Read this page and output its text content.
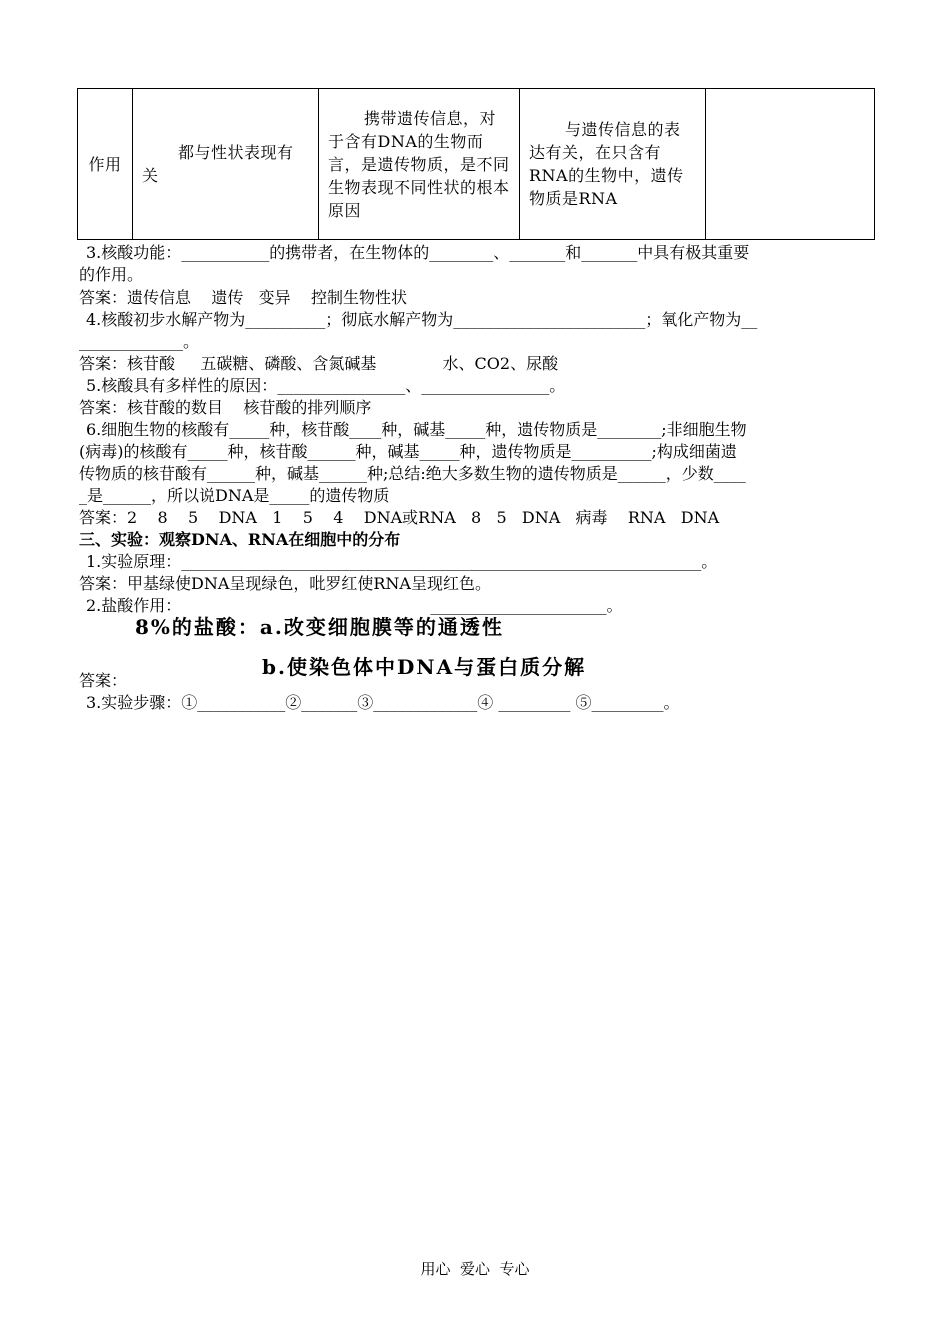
作用	都与性状表现有关	携带遗传信息，对于含有DNA的生物而言，是遗传物质，是不同生物表现不同性状的根本原因	与遗传信息的表达有关，在只含有RNA的生物中，遗传物质是RNA	
3.核酸功能：___________的携带者，在生物体的________、_______和_______中具有极其重要
的作用。
答案：遗传信息    遗传   变异    控制生物性状
4.核酸初步水解产物为__________；彻底水解产物为________________________；氧化产物为__
_____________。
答案：核苷酸     五碳糖、磷酸、含氮碱基             水、CO2、尿酸
5.核酸具有多样性的原因：________________、________________。
答案：核苷酸的数目    核苷酸的排列顺序
6.细胞生物的核酸有_____种，核苷酸____种，碱基_____种，遗传物质是________;非细胞生物
(病毒)的核酸有_____种，核苷酸______种，碱基_____种，遗传物质是__________;构成细菌遗
传物质的核苷酸有______种，碱基______种;总结:绝大多数生物的遗传物质是______，少数____
_是______，所以说DNA是_____的遗传物质
答案：2    8    5    DNA   1    5    4    DNA或RNA   8   5   DNA   病毒    RNA   DNA
三、实验：观察DNA、RNA在细胞中的分布
1.实验原理：_________________________________________________________________。
答案：甲基绿使DNA呈现绿色，吡罗红使RNA呈现红色。
2.盐酸作用：                                                 ______________________。
8%的盐酸：a.改变细胞膜等的通透性
b.使染色体中DNA与蛋白质分解
答案：
3.实验步骤：①___________②_______③_____________④ _________ ⑤_________。
用心  爱心  专心
